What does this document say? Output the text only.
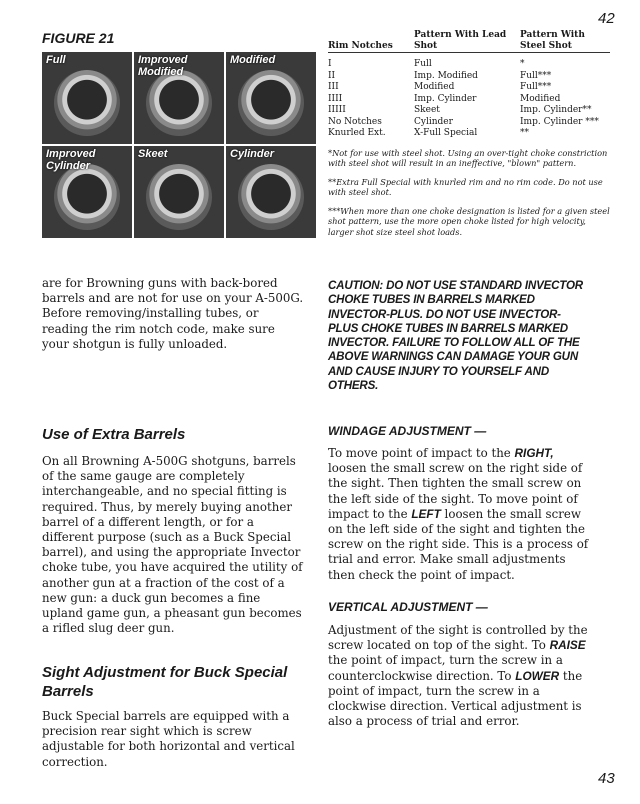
42
43
FIGURE 21
Full	Improved Modified
Modified
Improved Cylinder
Skeet	Cylinder
Rim Notches	Pattern With Lead Shot	Pattern With Steel Shot

I	Full	*
II	Imp. Modified	Full***
III	Modified	Full***
IIII	Imp. Cylinder	Modified
IIIII	Skeet	Imp. Cylinder**
No Notches	Cylinder	Imp. Cylinder ***
Knurled Ext.	X-Full Special	**
*Not for use with steel shot. Using an over-tight choke constriction with steel shot will result in an ineffective, "blown" pattern.
**Extra Full Special with knurled rim and no rim code. Do not use with steel shot.
***When more than one choke designation is listed for a given steel shot pattern, use the more open choke listed for high velocity, larger shot size steel shot loads.
are for Browning guns with back-bored barrels and are not for use on your A-500G. Before removing/installing tubes, or reading the rim notch code, make sure your shotgun is fully unloaded.
CAUTION: DO NOT USE STANDARD INVECTOR CHOKE TUBES IN BARRELS MARKED INVECTOR-PLUS. DO NOT USE INVECTOR-PLUS CHOKE TUBES IN BARRELS MARKED INVECTOR. FAILURE TO FOLLOW ALL OF THE ABOVE WARNINGS CAN DAMAGE YOUR GUN AND CAUSE INJURY TO YOURSELF AND OTHERS.
Use of Extra Barrels
On all Browning A-500G shotguns, barrels of the same gauge are completely interchangeable, and no special fitting is required. Thus, by merely buying another barrel of a different length, or for a different purpose (such as a Buck Special barrel), and using the appropriate Invector choke tube, you have acquired the utility of another gun at a fraction of the cost of a new gun: a duck gun becomes a fine upland game gun, a pheasant gun becomes a rifled slug deer gun.
Sight Adjustment for Buck Special Barrels
Buck Special barrels are equipped with a precision rear sight which is screw adjustable for both horizontal and vertical correction.
WINDAGE ADJUSTMENT —
To move point of impact to the RIGHT, loosen the small screw on the right side of the sight. Then tighten the small screw on the left side of the sight. To move point of impact to the LEFT loosen the small screw on the left side of the sight and tighten the screw on the right side. This is a process of trial and error. Make small adjustments then check the point of impact.
VERTICAL ADJUSTMENT —
Adjustment of the sight is controlled by the screw located on top of the sight. To RAISE the point of impact, turn the screw in a counterclockwise direction. To LOWER the point of impact, turn the screw in a clockwise direction. Vertical adjustment is also a process of trial and error.
